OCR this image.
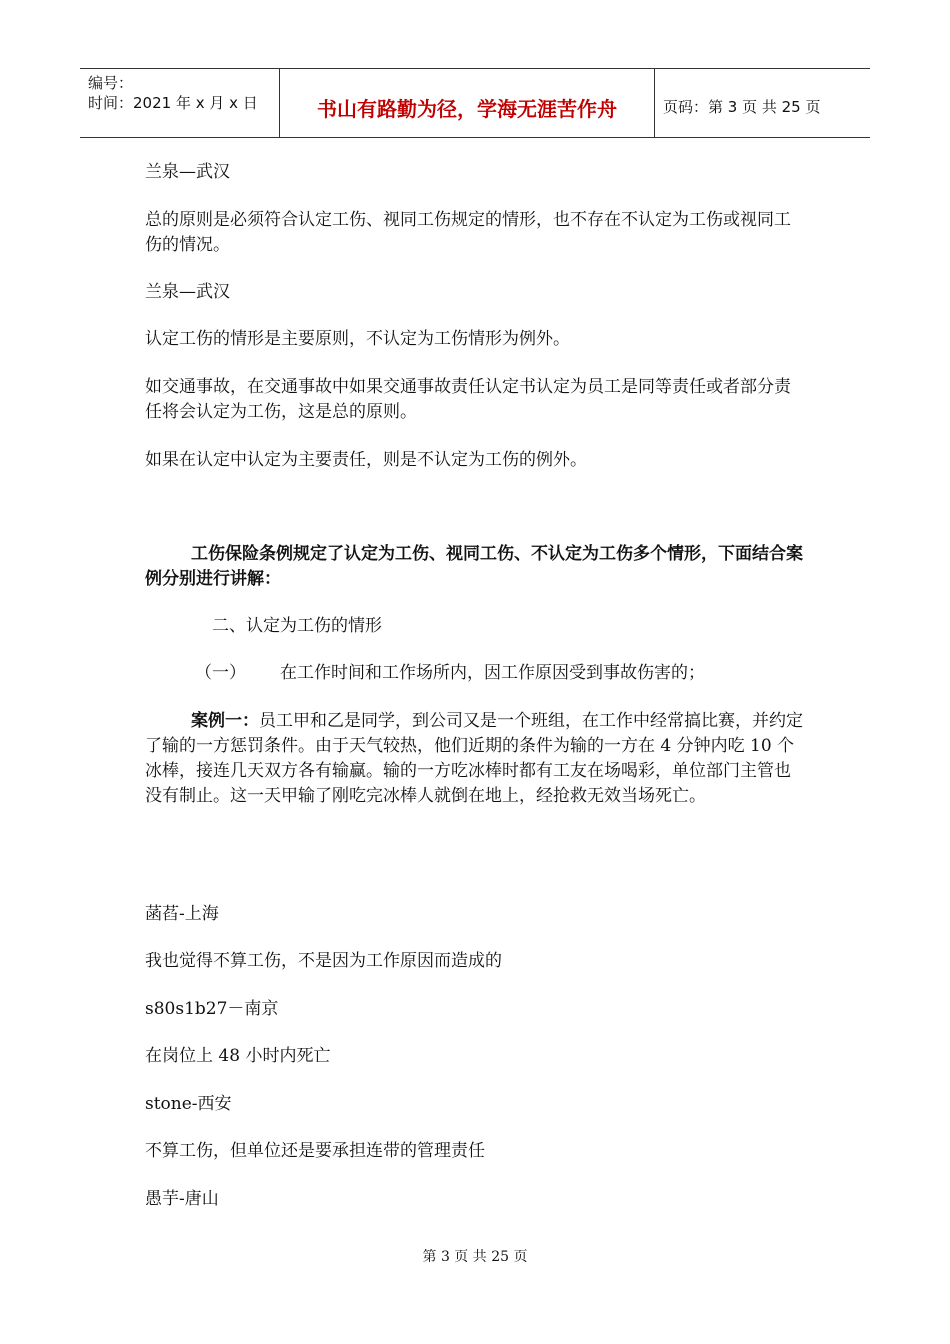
编号：
时间：2021 年 x 月 x 日	书山有路勤为径，学海无涯苦作舟	页码：第 3 页 共 25 页

兰泉—武汉

总的原则是必须符合认定工伤、视同工伤规定的情形，也不存在不认定为工伤或视同工伤的情况。

兰泉—武汉

认定工伤的情形是主要原则，不认定为工伤情形为例外。

如交通事故，在交通事故中如果交通事故责任认定书认定为员工是同等责任或者部分责任将会认定为工伤，这是总的原则。

如果在认定中认定为主要责任，则是不认定为工伤的例外。

工伤保险条例规定了认定为工伤、视同工伤、不认定为工伤多个情形，下面结合案例分别进行讲解：

二、认定为工伤的情形

（一） 在工作时间和工作场所内，因工作原因受到事故伤害的；

案例一：员工甲和乙是同学，到公司又是一个班组，在工作中经常搞比赛，并约定了输的一方惩罚条件。由于天气较热，他们近期的条件为输的一方在 4 分钟内吃 10 个冰棒，接连几天双方各有输赢。输的一方吃冰棒时都有工友在场喝彩，单位部门主管也没有制止。这一天甲输了刚吃完冰棒人就倒在地上，经抢救无效当场死亡。

菡萏-上海

我也觉得不算工伤，不是因为工作原因而造成的

s80s1b27－南京

在岗位上 48 小时内死亡

stone-西安

不算工伤，但单位还是要承担连带的管理责任

愚芋-唐山

第 3 页 共 25 页
